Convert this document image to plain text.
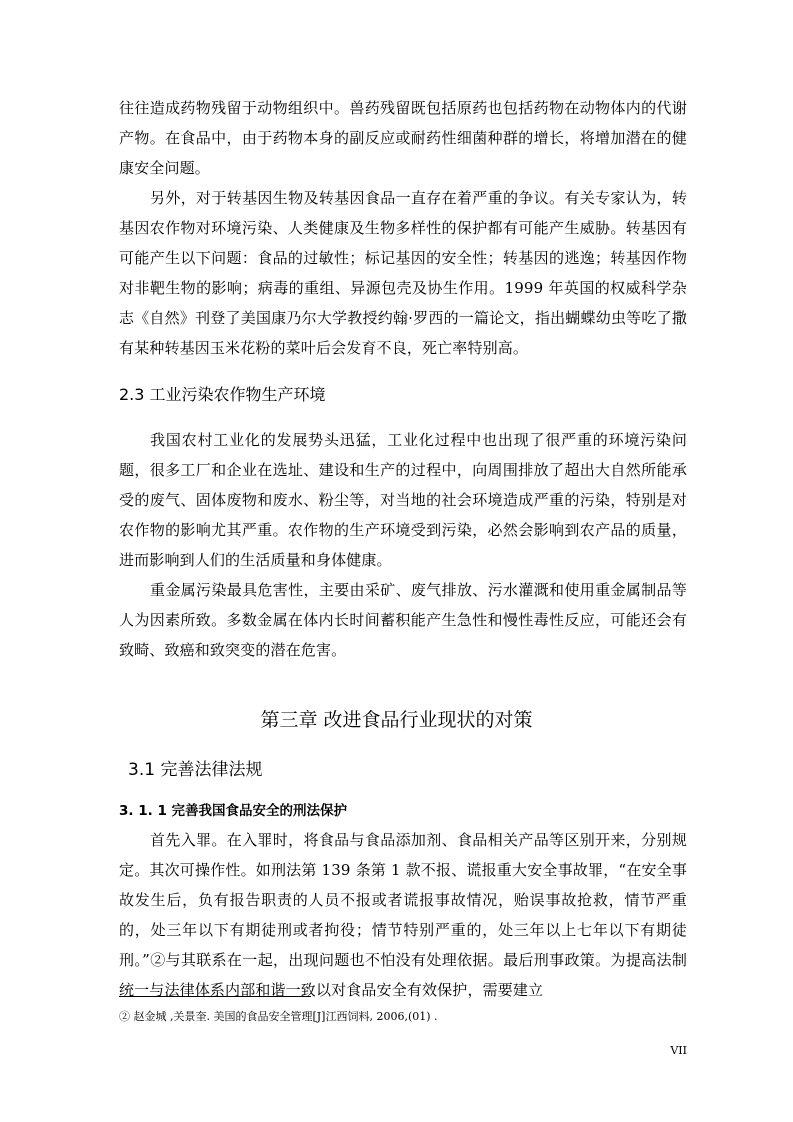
往往造成药物残留于动物组织中。兽药残留既包括原药也包括药物在动物体内的代谢产物。在食品中，由于药物本身的副反应或耐药性细菌种群的增长，将增加潜在的健康安全问题。

另外，对于转基因生物及转基因食品一直存在着严重的争议。有关专家认为，转基因农作物对环境污染、人类健康及生物多样性的保护都有可能产生威胁。转基因有可能产生以下问题：食品的过敏性；标记基因的安全性；转基因的逃逸；转基因作物对非靶生物的影响；病毒的重组、异源包壳及协生作用。1999 年英国的权威科学杂志《自然》刊登了美国康乃尔大学教授约翰·罗西的一篇论文，指出蝴蝶幼虫等吃了撒有某种转基因玉米花粉的菜叶后会发育不良，死亡率特别高。

2.3 工业污染农作物生产环境

我国农村工业化的发展势头迅猛，工业化过程中也出现了很严重的环境污染问题，很多工厂和企业在选址、建设和生产的过程中，向周围排放了超出大自然所能承受的废气、固体废物和废水、粉尘等，对当地的社会环境造成严重的污染，特别是对农作物的影响尤其严重。农作物的生产环境受到污染，必然会影响到农产品的质量，进而影响到人们的生活质量和身体健康。

重金属污染最具危害性，主要由采矿、废气排放、污水灌溉和使用重金属制品等人为因素所致。多数金属在体内长时间蓄积能产生急性和慢性毒性反应，可能还会有致畸、致癌和致突变的潜在危害。

第三章 改进食品行业现状的对策
3.1 完善法律法规
3. 1. 1 完善我国食品安全的刑法保护

首先入罪。在入罪时，将食品与食品添加剂、食品相关产品等区别开来，分别规定。其次可操作性。如刑法第 139 条第 1 款不报、谎报重大安全事故罪，“在安全事故发生后，负有报告职责的人员不报或者谎报事故情况，贻误事故抢救，情节严重的，处三年以下有期徒刑或者拘役；情节特别严重的，处三年以上七年以下有期徒刑。”②与其联系在一起，出现问题也不怕没有处理依据。最后刑事政策。为提高法制统一与法律体系内部和谐一致以对食品安全有效保护，需要建立

② 赵金城 ,关景奎. 美国的食品安全管理[J]江西饲料, 2006,(01) .

VII
